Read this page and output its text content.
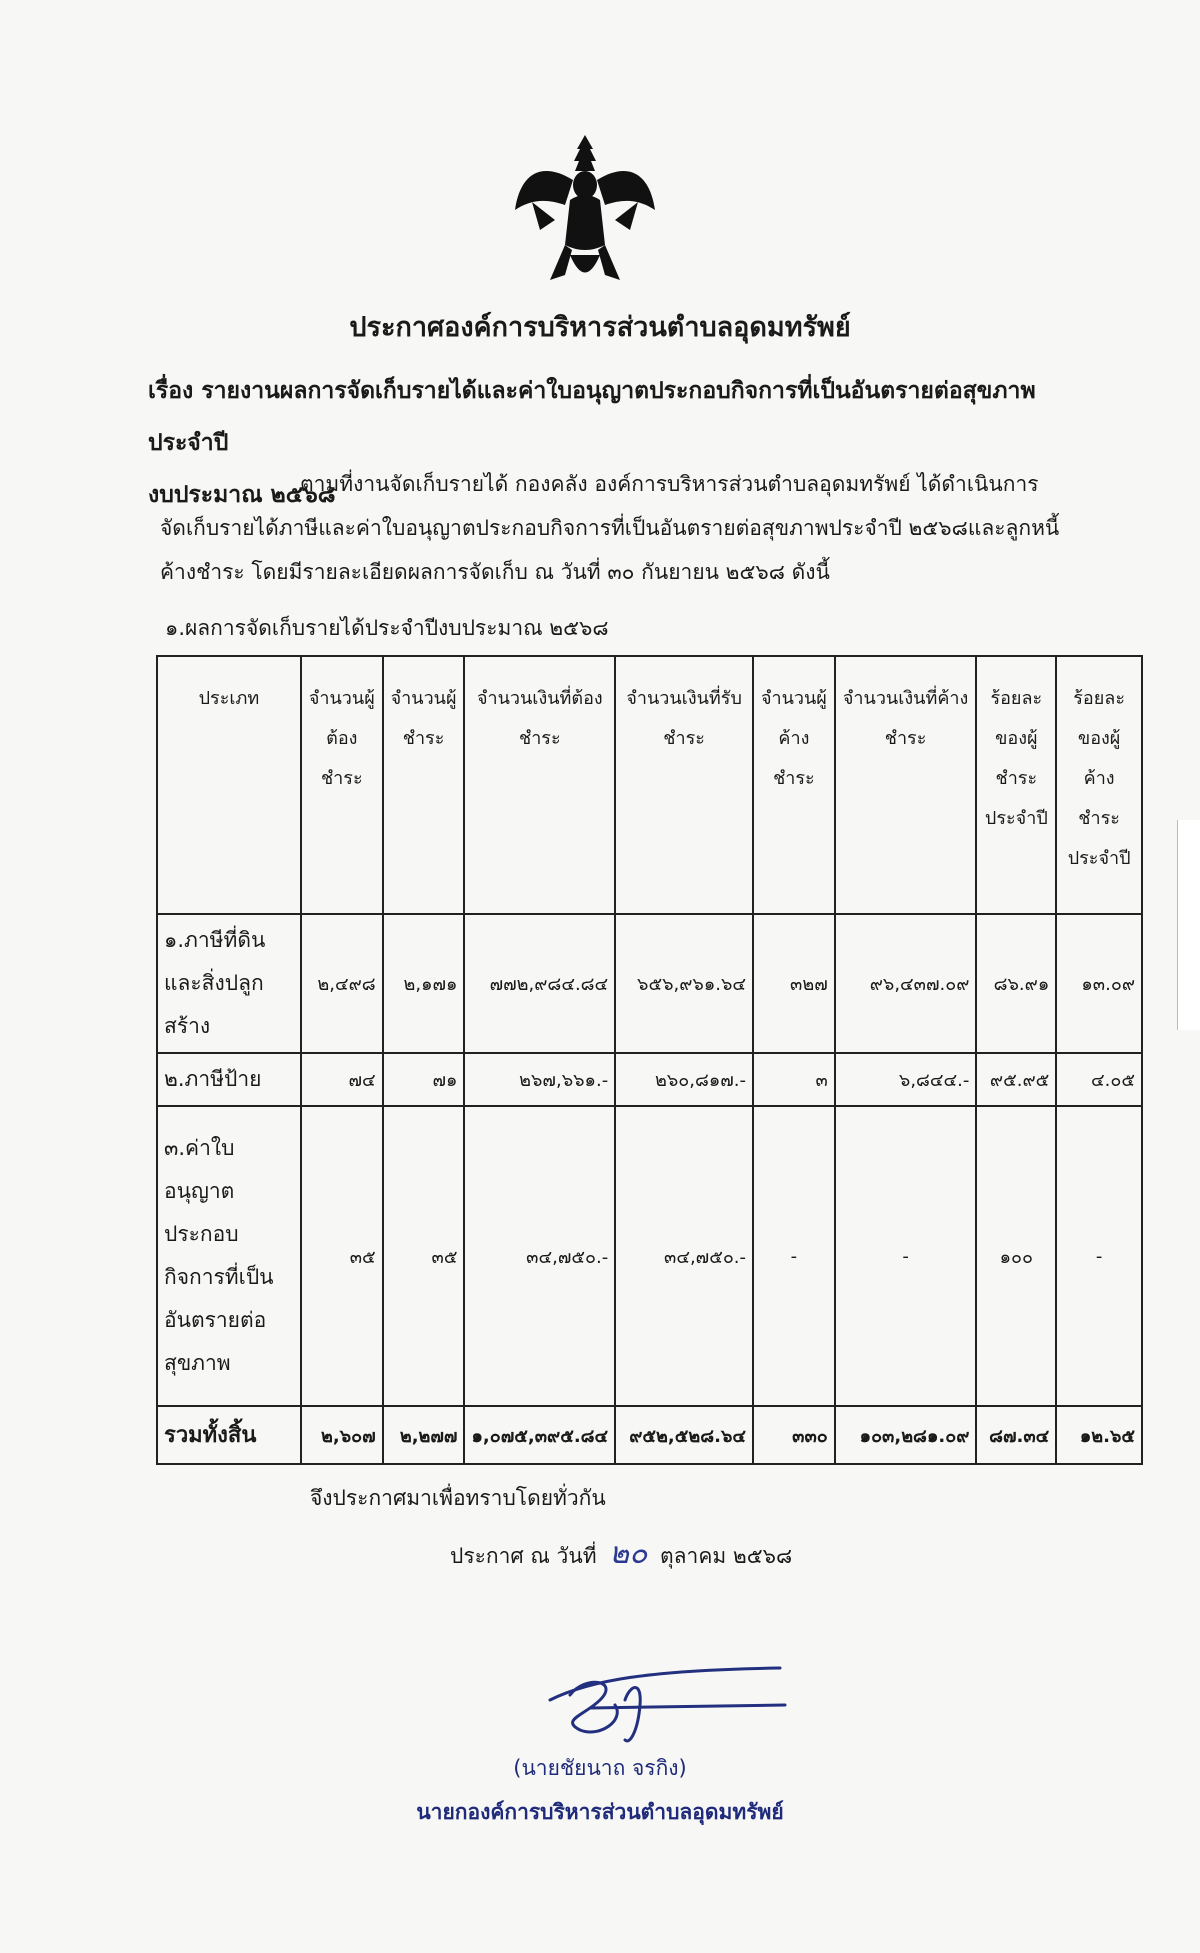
ประกาศองค์การบริหารส่วนตำบลอุดมทรัพย์
เรื่อง รายงานผลการจัดเก็บรายได้และค่าใบอนุญาตประกอบกิจการที่เป็นอันตรายต่อสุขภาพประจำปี
งบประมาณ ๒๕๖๘

ตามที่งานจัดเก็บรายได้ กองคลัง องค์การบริหารส่วนตำบลอุดมทรัพย์ ได้ดำเนินการ

จัดเก็บรายได้ภาษีและค่าใบอนุญาตประกอบกิจการที่เป็นอันตรายต่อสุขภาพประจำปี ๒๕๖๘และลูกหนี้

ค้างชำระ โดยมีรายละเอียดผลการจัดเก็บ ณ วันที่ ๓๐ กันยายน ๒๕๖๘ ดังนี้

๑.ผลการจัดเก็บรายได้ประจำปีงบประมาณ ๒๕๖๘
ประเภท	จำนวนผู้ต้องชำระ	จำนวนผู้ชำระ	จำนวนเงินที่ต้องชำระ	จำนวนเงินที่รับชำระ	จำนวนผู้ค้างชำระ	จำนวนเงินที่ค้างชำระ	ร้อยละของผู้ชำระประจำปี	ร้อยละของผู้ค้างชำระประจำปี
๑.ภาษีที่ดินและสิ่งปลูกสร้าง	๒,๔๙๘	๒,๑๗๑	๗๗๒,๙๘๔.๘๔	๖๕๖,๙๖๑.๖๔	๓๒๗	๙๖,๔๓๗.๐๙	๘๖.๙๑	๑๓.๐๙
๒.ภาษีป้าย	๗๔	๗๑	๒๖๗,๖๖๑.-	๒๖๐,๘๑๗.-	๓	๖,๘๔๔.-	๙๕.๙๕	๔.๐๕
๓.ค่าใบอนุญาตประกอบกิจการที่เป็นอันตรายต่อสุขภาพ	๓๕	๓๕	๓๔,๗๕๐.-	๓๔,๗๕๐.-	-	-	๑๐๐	-
รวมทั้งสิ้น	๒,๖๐๗	๒,๒๗๗	๑,๐๗๕,๓๙๕.๘๔	๙๕๒,๕๒๘.๖๔	๓๓๐	๑๐๓,๒๘๑.๐๙	๘๗.๓๔	๑๒.๖๕
จึงประกาศมาเพื่อทราบโดยทั่วกัน
ประกาศ ณ วันที่ ๒๐ ตุลาคม ๒๕๖๘
(นายชัยนาถ จรกิง)
นายกองค์การบริหารส่วนตำบลอุดมทรัพย์
